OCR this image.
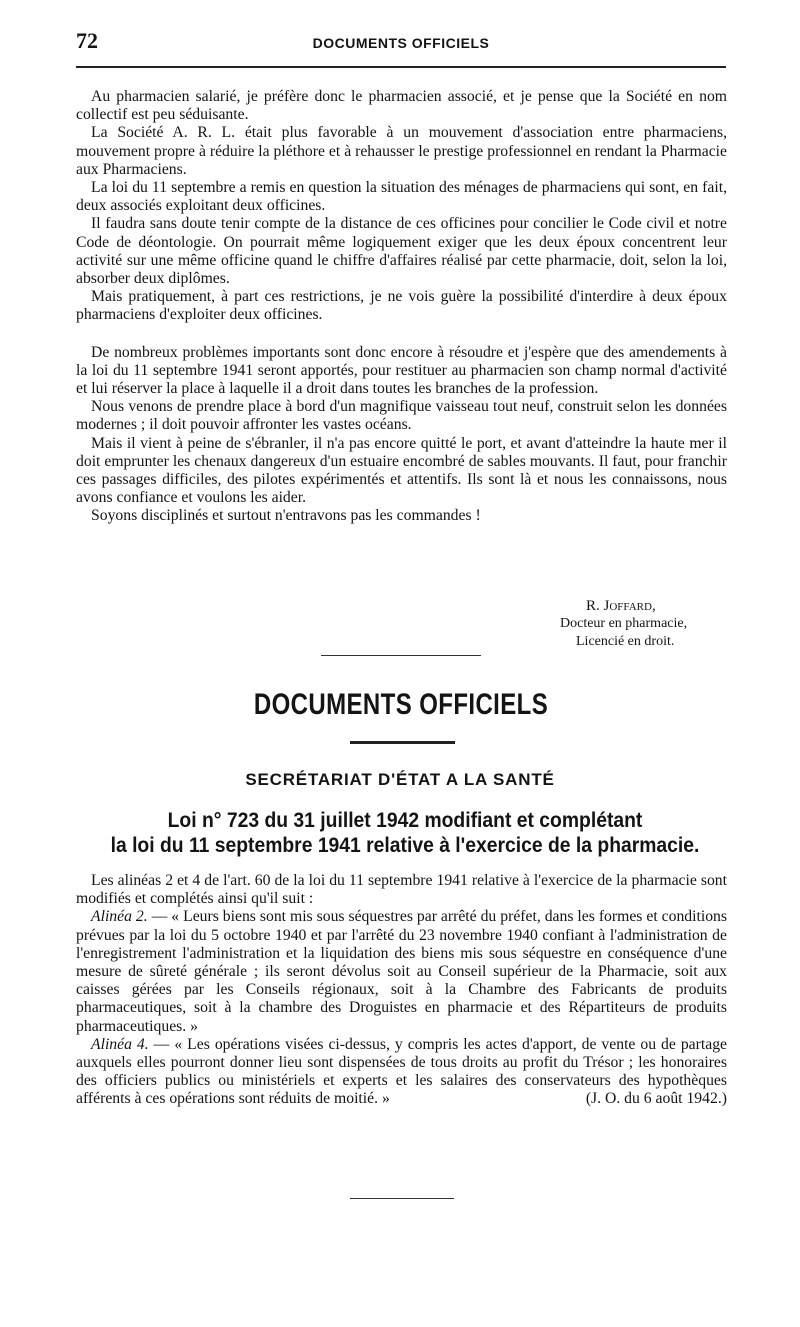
72	DOCUMENTS OFFICIELS

Au pharmacien salarié, je préfère donc le pharmacien associé, et je pense que la Société en nom collectif est peu séduisante.

La Société A. R. L. était plus favorable à un mouvement d'association entre pharmaciens, mouvement propre à réduire la pléthore et à rehausser le prestige professionnel en rendant la Pharmacie aux Pharmaciens.

La loi du 11 septembre a remis en question la situation des ménages de pharmaciens qui sont, en fait, deux associés exploitant deux officines.

Il faudra sans doute tenir compte de la distance de ces officines pour concilier le Code civil et notre Code de déontologie. On pourrait même logiquement exiger que les deux époux concentrent leur activité sur une même officine quand le chiffre d'affaires réalisé par cette pharmacie, doit, selon la loi, absorber deux diplômes.

Mais pratiquement, à part ces restrictions, je ne vois guère la possibilité d'interdire à deux époux pharmaciens d'exploiter deux officines.

De nombreux problèmes importants sont donc encore à résoudre et j'espère que des amendements à la loi du 11 septembre 1941 seront apportés, pour restituer au pharmacien son champ normal d'activité et lui réserver la place à laquelle il a droit dans toutes les branches de la profession.

Nous venons de prendre place à bord d'un magnifique vaisseau tout neuf, construit selon les données modernes ; il doit pouvoir affronter les vastes océans.

Mais il vient à peine de s'ébranler, il n'a pas encore quitté le port, et avant d'atteindre la haute mer il doit emprunter les chenaux dangereux d'un estuaire encombré de sables mouvants. Il faut, pour franchir ces passages difficiles, des pilotes expérimentés et attentifs. Ils sont là et nous les connaissons, nous avons confiance et voulons les aider.

Soyons disciplinés et surtout n'entravons pas les commandes !

R. Joffard,
Docteur en pharmacie,
Licencié en droit.
DOCUMENTS OFFICIELS
SECRÉTARIAT D'ÉTAT A LA SANTÉ
Loi n° 723 du 31 juillet 1942 modifiant et complétant
la loi du 11 septembre 1941 relative à l'exercice de la pharmacie.

Les alinéas 2 et 4 de l'art. 60 de la loi du 11 septembre 1941 relative à l'exercice de la pharmacie sont modifiés et complétés ainsi qu'il suit :

Alinéa 2. — « Leurs biens sont mis sous séquestres par arrêté du préfet, dans les formes et conditions prévues par la loi du 5 octobre 1940 et par l'arrêté du 23 novembre 1940 confiant à l'administration de l'enregistrement l'administration et la liquidation des biens mis sous séquestre en conséquence d'une mesure de sûreté générale ; ils seront dévolus soit au Conseil supérieur de la Pharmacie, soit aux caisses gérées par les Conseils régionaux, soit à la Chambre des Fabricants de produits pharmaceutiques, soit à la chambre des Droguistes en pharmacie et des Répartiteurs de produits pharmaceutiques. »

Alinéa 4. — « Les opérations visées ci-dessus, y compris les actes d'apport, de vente ou de partage auxquels elles pourront donner lieu sont dispensées de tous droits au profit du Trésor ; les honoraires des officiers publics ou ministériels et experts et les salaires des conservateurs des hypothèques afférents à ces opérations sont réduits de moitié. »	(J. O. du 6 août 1942.)
